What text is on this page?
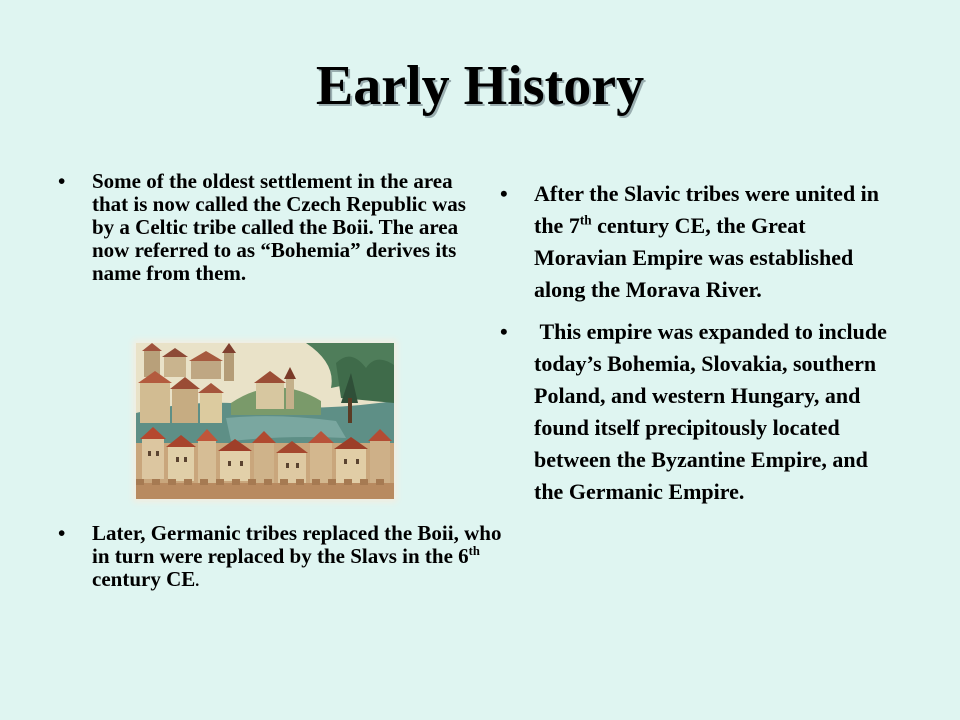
Early History
• Some of the oldest settlement in the area that is now called the Czech Republic was by a Celtic tribe called the Boii. The area now referred to as “Bohemia” derives its name from them.
• Later, Germanic tribes replaced the Boii, who in turn were replaced by the Slavs in the 6th century CE.
• After the Slavic tribes were united in the 7th century CE, the Great Moravian Empire was established along the Morava River.
• This empire was expanded to include today’s Bohemia, Slovakia, southern Poland, and western Hungary, and found itself precipitously located between the Byzantine Empire, and the Germanic Empire.
